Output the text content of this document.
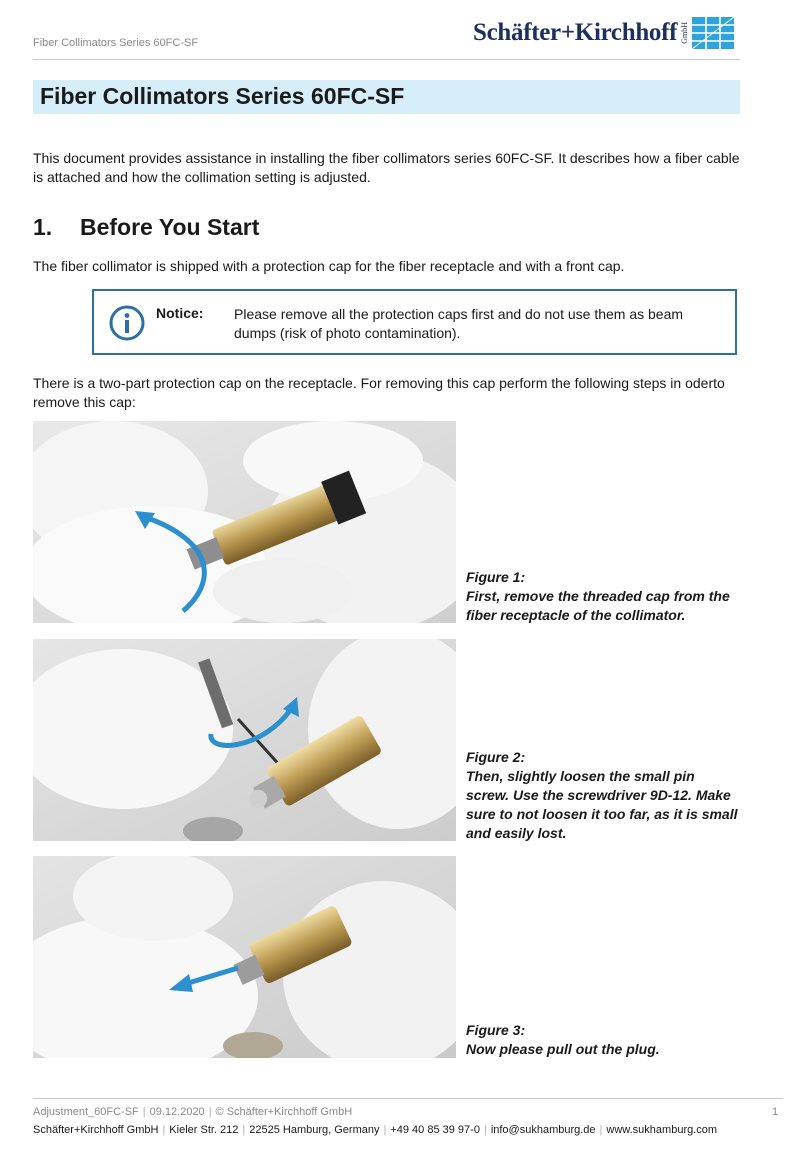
Fiber Collimators Series 60FC-SF	Schäfter+Kirchhoff GmbH
Fiber Collimators Series 60FC-SF
This document provides assistance in installing the fiber collimators series 60FC-SF. It describes how a fiber cable is attached and how the collimation setting is adjusted.
1. Before You Start
The fiber collimator is shipped with a protection cap for the fiber receptacle and with a front cap.
Notice: Please remove all the protection caps first and do not use them as beam dumps (risk of photo contamination).
There is a two-part protection cap on the receptacle. For removing this cap perform the following steps in oderto remove this cap:
Figure 1:
First, remove the threaded cap from the fiber receptacle of the collimator.
Figure 2:
Then, slightly loosen the small pin screw. Use the screwdriver 9D-12. Make sure to not loosen it too far, as it is small and easily lost.
Figure 3:
Now please pull out the plug.
Adjustment_60FC-SF | 09.12.2020 | © Schäfter+Kirchhoff GmbH	1
Schäfter+Kirchhoff GmbH | Kieler Str. 212 | 22525 Hamburg, Germany | +49 40 85 39 97-0 | info@sukhamburg.de | www.sukhamburg.com
